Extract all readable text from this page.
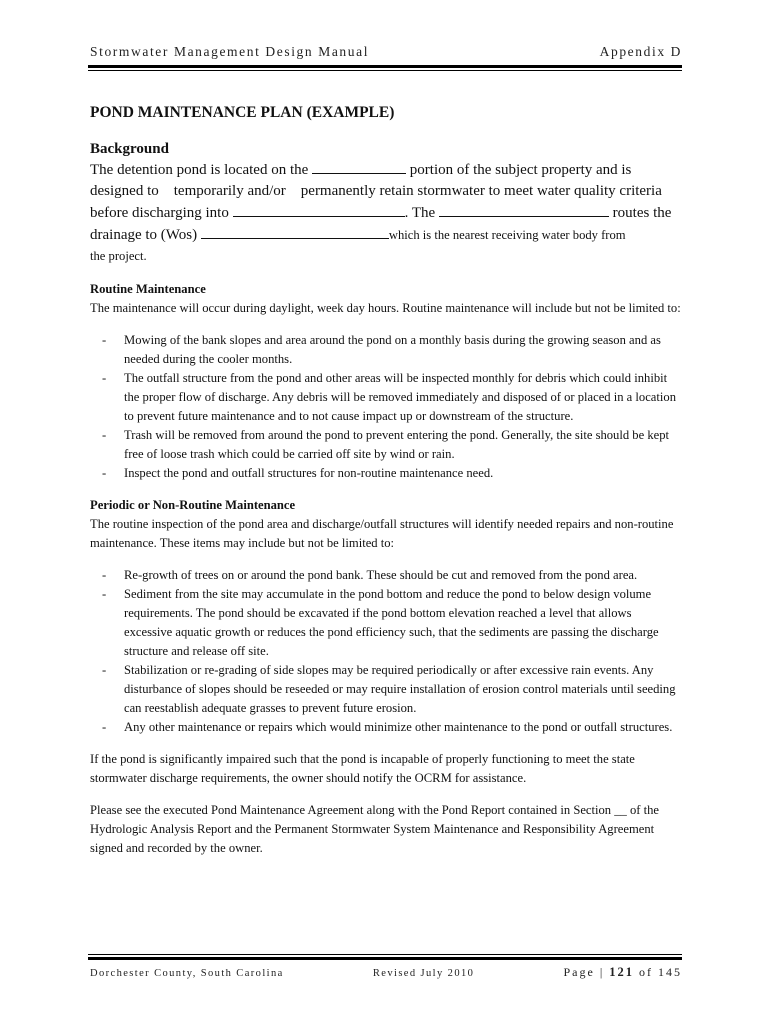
Stormwater Management Design Manual	Appendix D
POND MAINTENANCE PLAN (EXAMPLE)
Background
The detention pond is located on the	portion of the subject property and is
designed to    temporarily and/or    permanently retain stormwater to meet water quality criteria
before discharging into	. The	routes the
drainage to (Wos)	which is the nearest receiving water body from
the project.
Routine Maintenance
The maintenance will occur during daylight, week day hours. Routine maintenance will include but not be limited to:
- Mowing of the bank slopes and area around the pond on a monthly basis during the growing season and as needed during the cooler months.
- The outfall structure from the pond and other areas will be inspected monthly for debris which could inhibit the proper flow of discharge. Any debris will be removed immediately and disposed of or placed in a location to prevent future maintenance and to not cause impact up or downstream of the structure.
- Trash will be removed from around the pond to prevent entering the pond. Generally, the site should be kept free of loose trash which could be carried off site by wind or rain.
- Inspect the pond and outfall structures for non-routine maintenance need.
Periodic or Non-Routine Maintenance
The routine inspection of the pond area and discharge/outfall structures will identify needed repairs and non-routine maintenance. These items may include but not be limited to:
- Re-growth of trees on or around the pond bank. These should be cut and removed from the pond area.
- Sediment from the site may accumulate in the pond bottom and reduce the pond to below design volume requirements. The pond should be excavated if the pond bottom elevation reached a level that allows excessive aquatic growth or reduces the pond efficiency such, that the sediments are passing the discharge structure and release off site.
- Stabilization or re-grading of side slopes may be required periodically or after excessive rain events. Any disturbance of slopes should be reseeded or may require installation of erosion control materials until seeding can reestablish adequate grasses to prevent future erosion.
- Any other maintenance or repairs which would minimize other maintenance to the pond or outfall structures.
If the pond is significantly impaired such that the pond is incapable of properly functioning to meet the state stormwater discharge requirements, the owner should notify the OCRM for assistance.
Please see the executed Pond Maintenance Agreement along with the Pond Report contained in Section __ of the Hydrologic Analysis Report and the Permanent Stormwater System Maintenance and Responsibility Agreement signed and recorded by the owner.
Dorchester County, South Carolina	Revised July 2010	Page | 121 of 145
